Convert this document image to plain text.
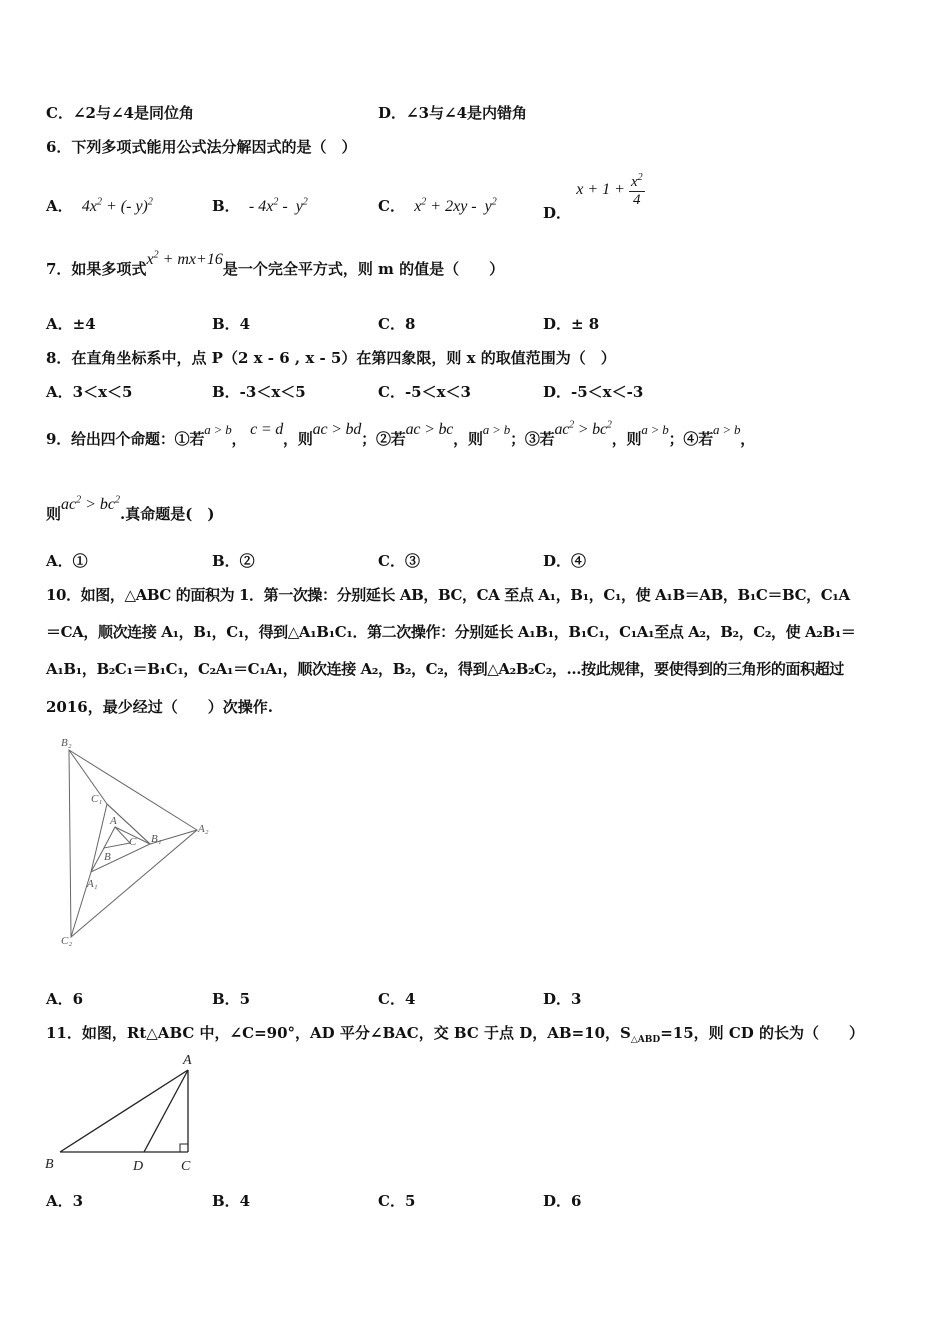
C．∠2与∠4是同位角	D．∠3与∠4是内错角
6．下列多项式能用公式法分解因式的是（　）
A．  $4x^2$ + (- y)$^2$	B．  - $4x^2 - y^2$	C．  $x^2 + 2xy - y^2$
D． $x + 1 + \frac{x^2}{4}$
7．如果多项式$x^2 + mx+16$是一个完全平方式，则 m 的值是（　　）
A．±4	B．4	C．8	D．± 8
8．在直角坐标系中，点 P（2 x - 6 , x - 5）在第四象限，则 x 的取值范围为（　）
A．3＜x＜5	B．-3＜x＜5	C．-5＜x＜3	D．-5＜x＜-3
9．给出四个命题：①若a > b， c = d，则ac > bd；②若ac > bc，则a > b；③若$ac^2 > bc^2$，则a > b；④若a > b，
则$ac^2 > bc^2$.真命题是(　)
A．①	B．②	C．③	D．④
10．如图，△ABC 的面积为 1．第一次操：分别延长 AB，BC，CA 至点 A₁，B₁，C₁，使 A₁B＝AB，B₁C＝BC，C₁A
＝CA，顺次连接 A₁，B₁，C₁，得到△A₁B₁C₁．第二次操作：分别延长 A₁B₁，B₁C₁，C₁A₁至点 A₂，B₂，C₂，使 A₂B₁＝
A₁B₁，B₂C₁＝B₁C₁，C₂A₁＝C₁A₁，顺次连接 A₂，B₂，C₂，得到△A₂B₂C₂，…按此规律，要使得到的三角形的面积超过
2016，最少经过（　　）次操作.
B₂
C₁
A
C B₁
A₂
B
A₁
C₂
A．6	B．5	C．4	D．3
11．如图，Rt△ABC 中，∠C=90°，AD 平分∠BAC，交 BC 于点 D，AB=10，$S_{\triangle ABD}=15$，则 CD 的长为（　　）
A
B	D	C
A．3	B．4	C．5	D．6
